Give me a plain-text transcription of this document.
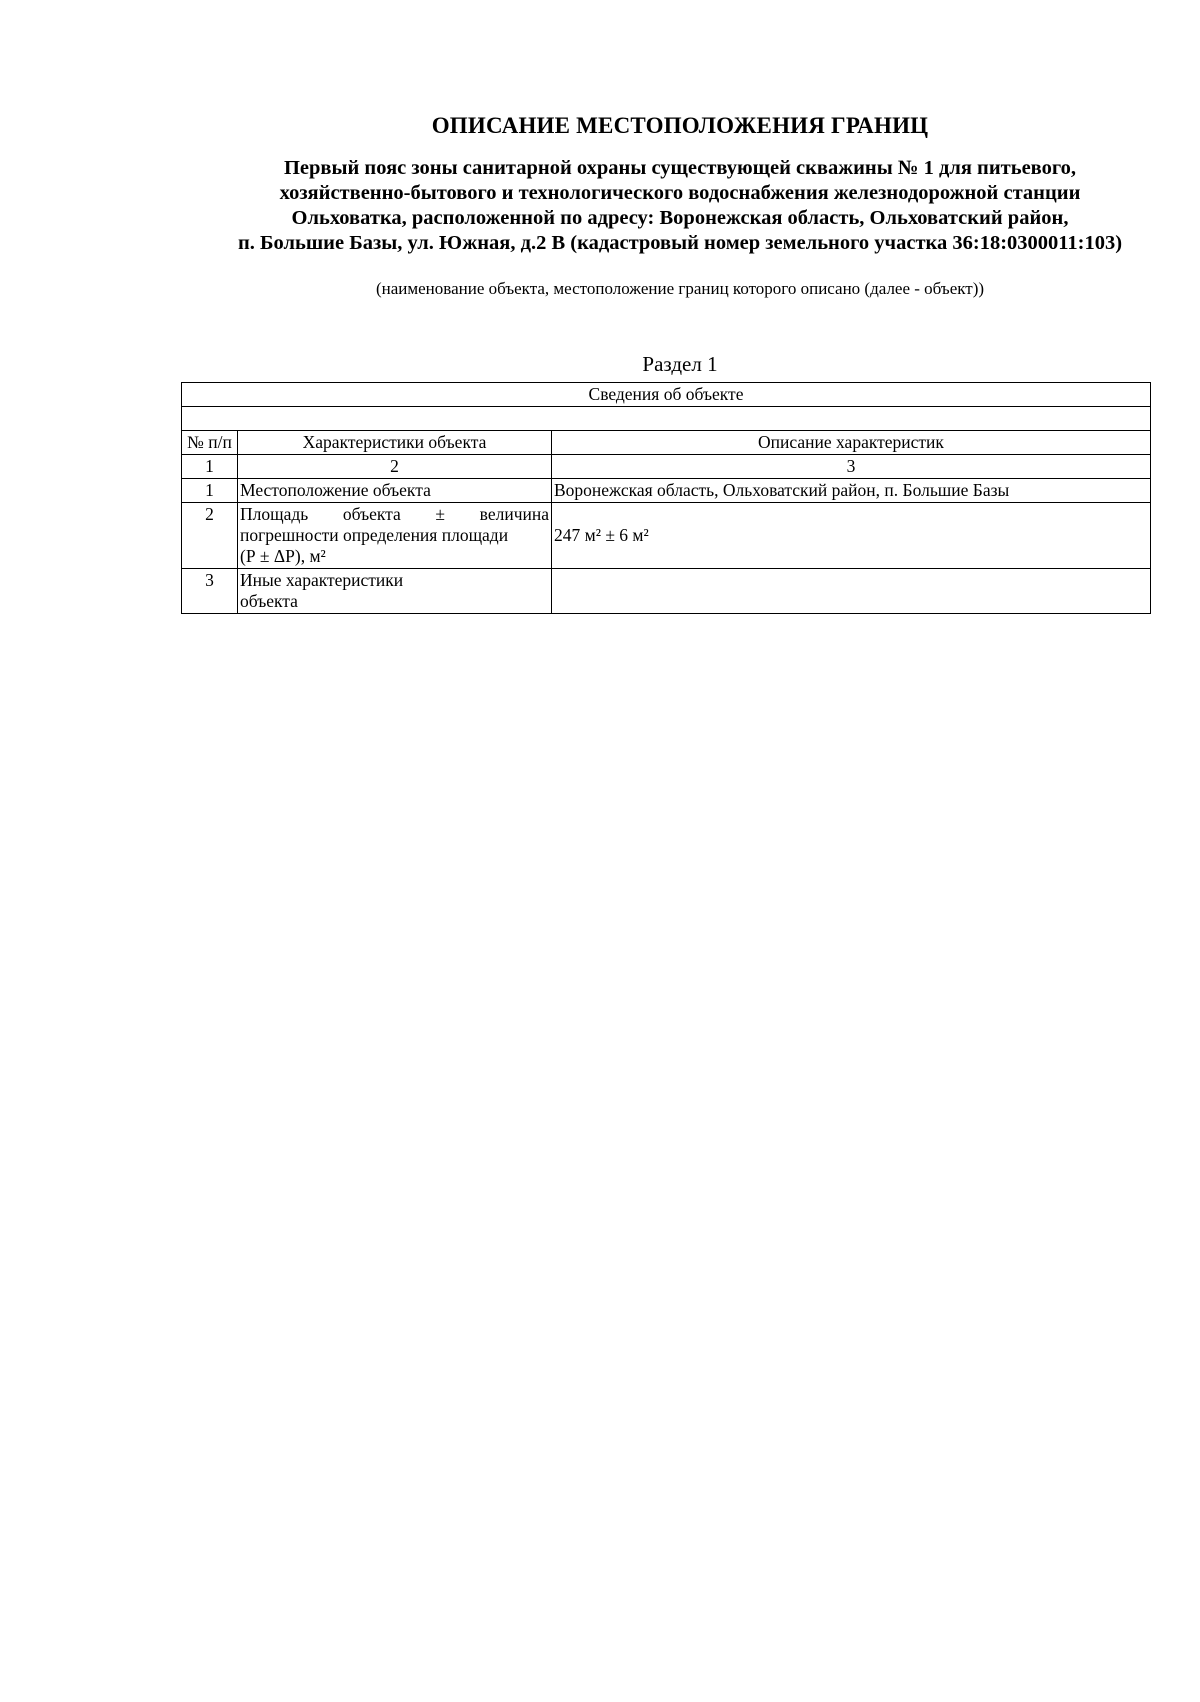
ОПИСАНИЕ МЕСТОПОЛОЖЕНИЯ ГРАНИЦ
Первый пояс зоны санитарной охраны существующей скважины № 1 для питьевого,
хозяйственно-бытового и технологического водоснабжения железнодорожной станции
Ольховатка, расположенной по адресу: Воронежская область, Ольховатский район,
п. Большие Базы, ул. Южная, д.2 В (кадастровый номер земельного участка 36:18:0300011:103)
(наименование объекта, местоположение границ которого описано (далее - объект))
Раздел 1
Сведения об объекте		

№ п/п	Характеристики объекта	Описание характеристик
1	2	3
1	Местоположение объекта	Воронежская область, Ольховатский район, п. Большие Базы
2	Площадь объекта ± величина
погрешности определения площади
(Р ± ΔР), м²	247 м² ± 6 м²
3	Иные характеристики
объекта	
